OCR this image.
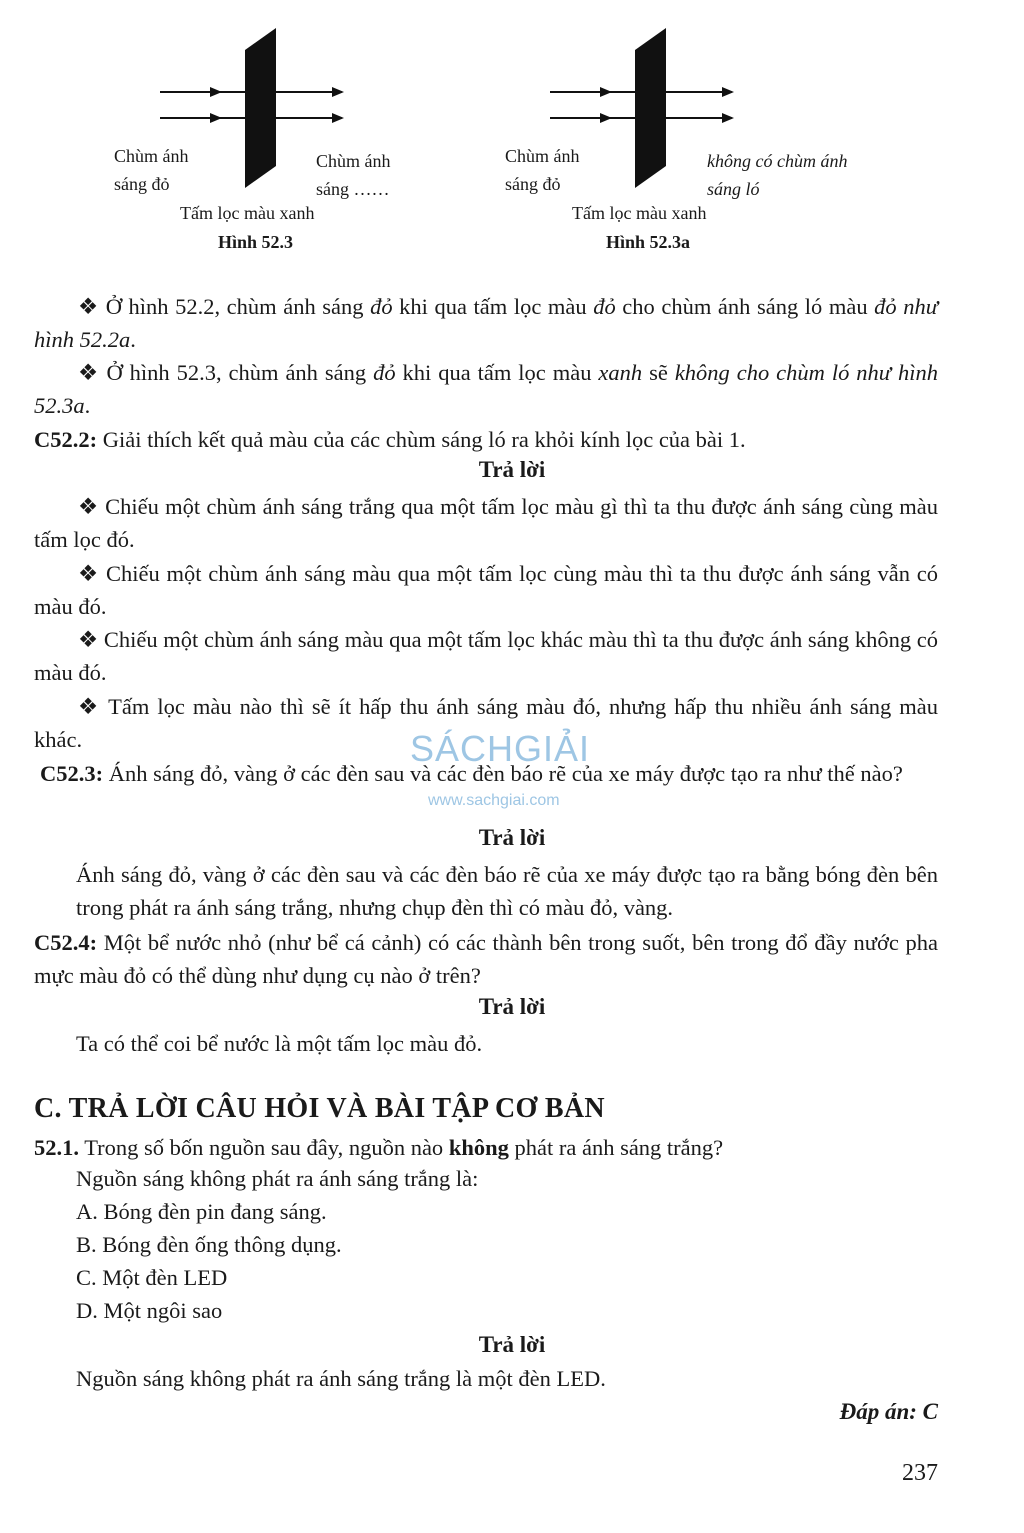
Chùm ánh
sáng đỏ
Chùm ánh
sáng ……
Tấm lọc màu xanh
Hình 52.3
Chùm ánh
sáng đỏ
không có chùm ánh
sáng ló
Tấm lọc màu xanh
Hình 52.3a
❖ Ở hình 52.2, chùm ánh sáng đỏ khi qua tấm lọc màu đỏ cho chùm ánh sáng ló màu đỏ như hình 52.2a.
❖ Ở hình 52.3, chùm ánh sáng đỏ khi qua tấm lọc màu xanh sẽ không cho chùm ló như hình 52.3a.
C52.2: Giải thích kết quả màu của các chùm sáng ló ra khỏi kính lọc của bài 1.
Trả lời
❖ Chiếu một chùm ánh sáng trắng qua một tấm lọc màu gì thì ta thu được ánh sáng cùng màu tấm lọc đó.
❖ Chiếu một chùm ánh sáng màu qua một tấm lọc cùng màu thì ta thu được ánh sáng vẫn có màu đó.
❖ Chiếu một chùm ánh sáng màu qua một tấm lọc khác màu thì ta thu được ánh sáng không có màu đó.
❖ Tấm lọc màu nào thì sẽ ít hấp thu ánh sáng màu đó, nhưng hấp thu nhiều ánh sáng màu khác.	SÁCHGIẢI
www.sachgiai.com
C52.3: Ánh sáng đỏ, vàng ở các đèn sau và các đèn báo rẽ của xe máy được tạo ra như thế nào?
Trả lời
Ánh sáng đỏ, vàng ở các đèn sau và các đèn báo rẽ của xe máy được tạo ra bằng bóng đèn bên trong phát ra ánh sáng trắng, nhưng chụp đèn thì có màu đỏ, vàng.
C52.4: Một bể nước nhỏ (như bể cá cảnh) có các thành bên trong suốt, bên trong đổ đầy nước pha mực màu đỏ có thể dùng như dụng cụ nào ở trên?
Trả lời
Ta có thể coi bể nước là một tấm lọc màu đỏ.
C. TRẢ LỜI CÂU HỎI VÀ BÀI TẬP CƠ BẢN
52.1. Trong số bốn nguồn sau đây, nguồn nào không phát ra ánh sáng trắng?
Nguồn sáng không phát ra ánh sáng trắng là:
A. Bóng đèn pin đang sáng.
B. Bóng đèn ống thông dụng.
C. Một đèn LED
D. Một ngôi sao
Trả lời
Nguồn sáng không phát ra ánh sáng trắng là một đèn LED.
Đáp án: C
237
